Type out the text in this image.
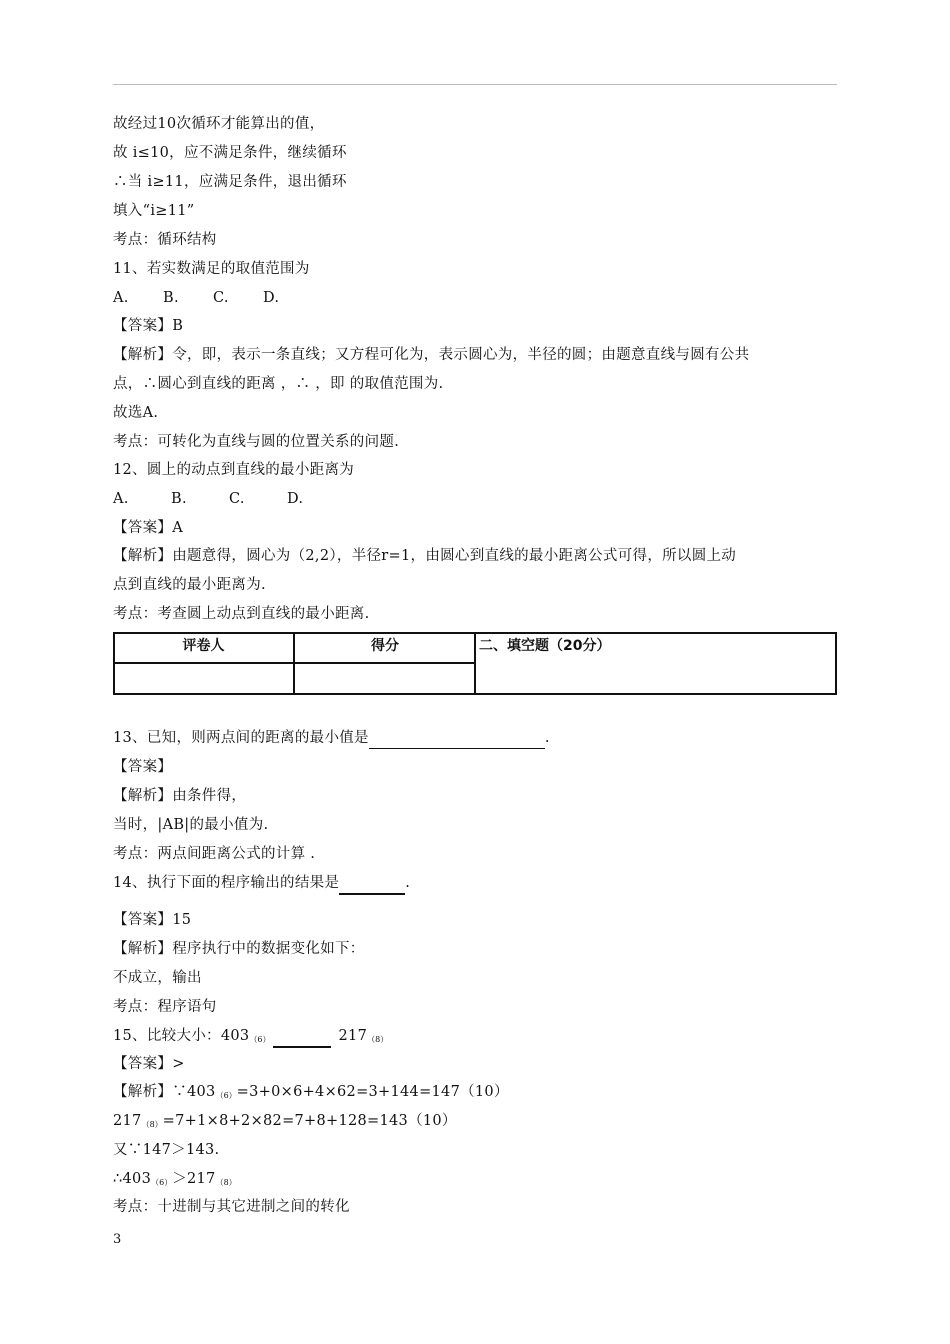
故经过10次循环才能算出的值，
故 i≤10，应不满足条件，继续循环
∴当 i≥11，应满足条件，退出循环
填入“i≥11”
考点：循环结构
11、若实数满足的取值范围为
A. B. C. D.
【答案】B
【解析】令，即，表示一条直线；又方程可化为，表示圆心为，半径的圆；由题意直线与圆有公共
点，∴圆心到直线的距离 ，∴ ，即 的取值范围为.
故选A.
考点：可转化为直线与圆的位置关系的问题.
12、圆上的动点到直线的最小距离为
A.	B.	C.	D.
【答案】A
【解析】由题意得，圆心为（2,2），半径r=1，由圆心到直线的最小距离公式可得，所以圆上动
点到直线的最小距离为.
考点：考查圆上动点到直线的最小距离.
评卷人	得分	二、填空题（20分）
13、已知，则两点间的距离的最小值是	.
【答案】
【解析】由条件得，
当时，|AB|的最小值为.
考点：两点间距离公式的计算 .
14、执行下面的程序输出的结果是	.
【答案】15
【解析】程序执行中的数据变化如下：
不成立，输出
考点：程序语句
15、比较大小：$403_{(6)}$	$217_{(8)}$
【答案】>
【解析】$\because 403_{(6)}=3+0\times 6+4\times 62=3+144=147(10)$
$217_{(8)}=7+1\times 8+2\times 82=7+8+128=143(10)$
又∵147＞143.
$\therefore 403_{(6)}>217_{(8)}$
考点：十进制与其它进制之间的转化
3
